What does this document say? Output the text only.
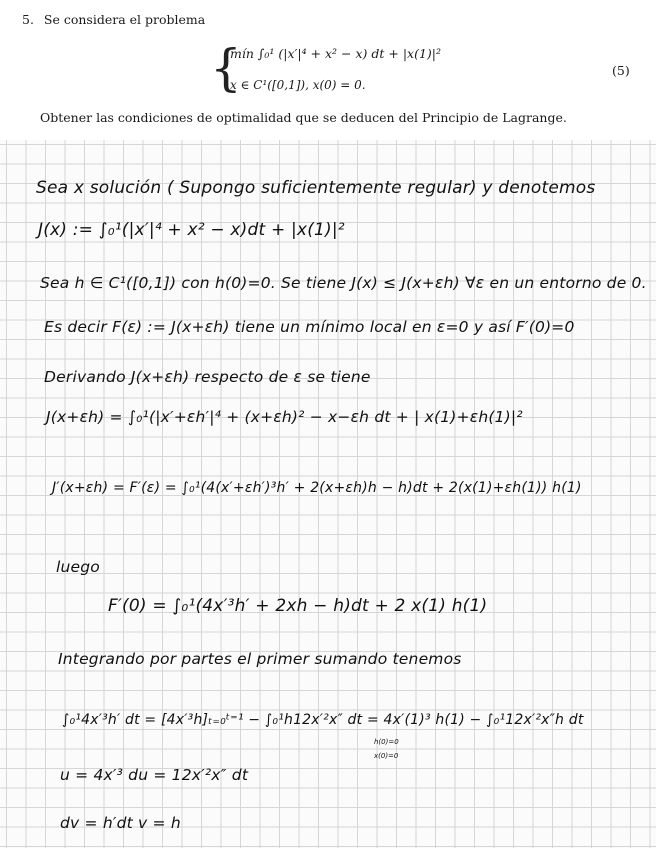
5. Se considera el problema
{
mín ∫₀¹ (|x′|⁴ + x² − x) dt + |x(1)|²
x ∈ C¹([0,1]), x(0) = 0.
(5)
Obtener las condiciones de optimalidad que se deducen del Principio de Lagrange.
Sea x solución ( Supongo suficientemente regular) y denotemos
J(x) := ∫₀¹(|x′|⁴ + x² − x)dt + |x(1)|²
Sea h ∈ C¹([0,1]) con h(0)=0. Se tiene J(x) ≤ J(x+εh) ∀ε en un entorno de 0.
Es decir F(ε) := J(x+εh) tiene un mínimo local en ε=0 y así F′(0)=0
Derivando J(x+εh) respecto de ε se tiene
J(x+εh) = ∫₀¹(|x′+εh′|⁴ + (x+εh)² − x−εh dt + | x(1)+εh(1)|²
J′(x+εh) = F′(ε) = ∫₀¹(4(x′+εh′)³h′ + 2(x+εh)h − h)dt + 2(x(1)+εh(1)) h(1)
luego
F′(0) = ∫₀¹(4x′³h′ + 2xh − h)dt + 2 x(1) h(1)
Integrando por partes el primer sumando tenemos
∫₀¹4x′³h′ dt = [4x′³h]ₜ₌₀ᵗ⁼¹ − ∫₀¹h12x′²x″ dt = 4x′(1)³ h(1) − ∫₀¹12x′²x″h dt
h(0)=0
x(0)=0
u = 4x′³ du = 12x′²x″ dt
dv = h′dt v = h
